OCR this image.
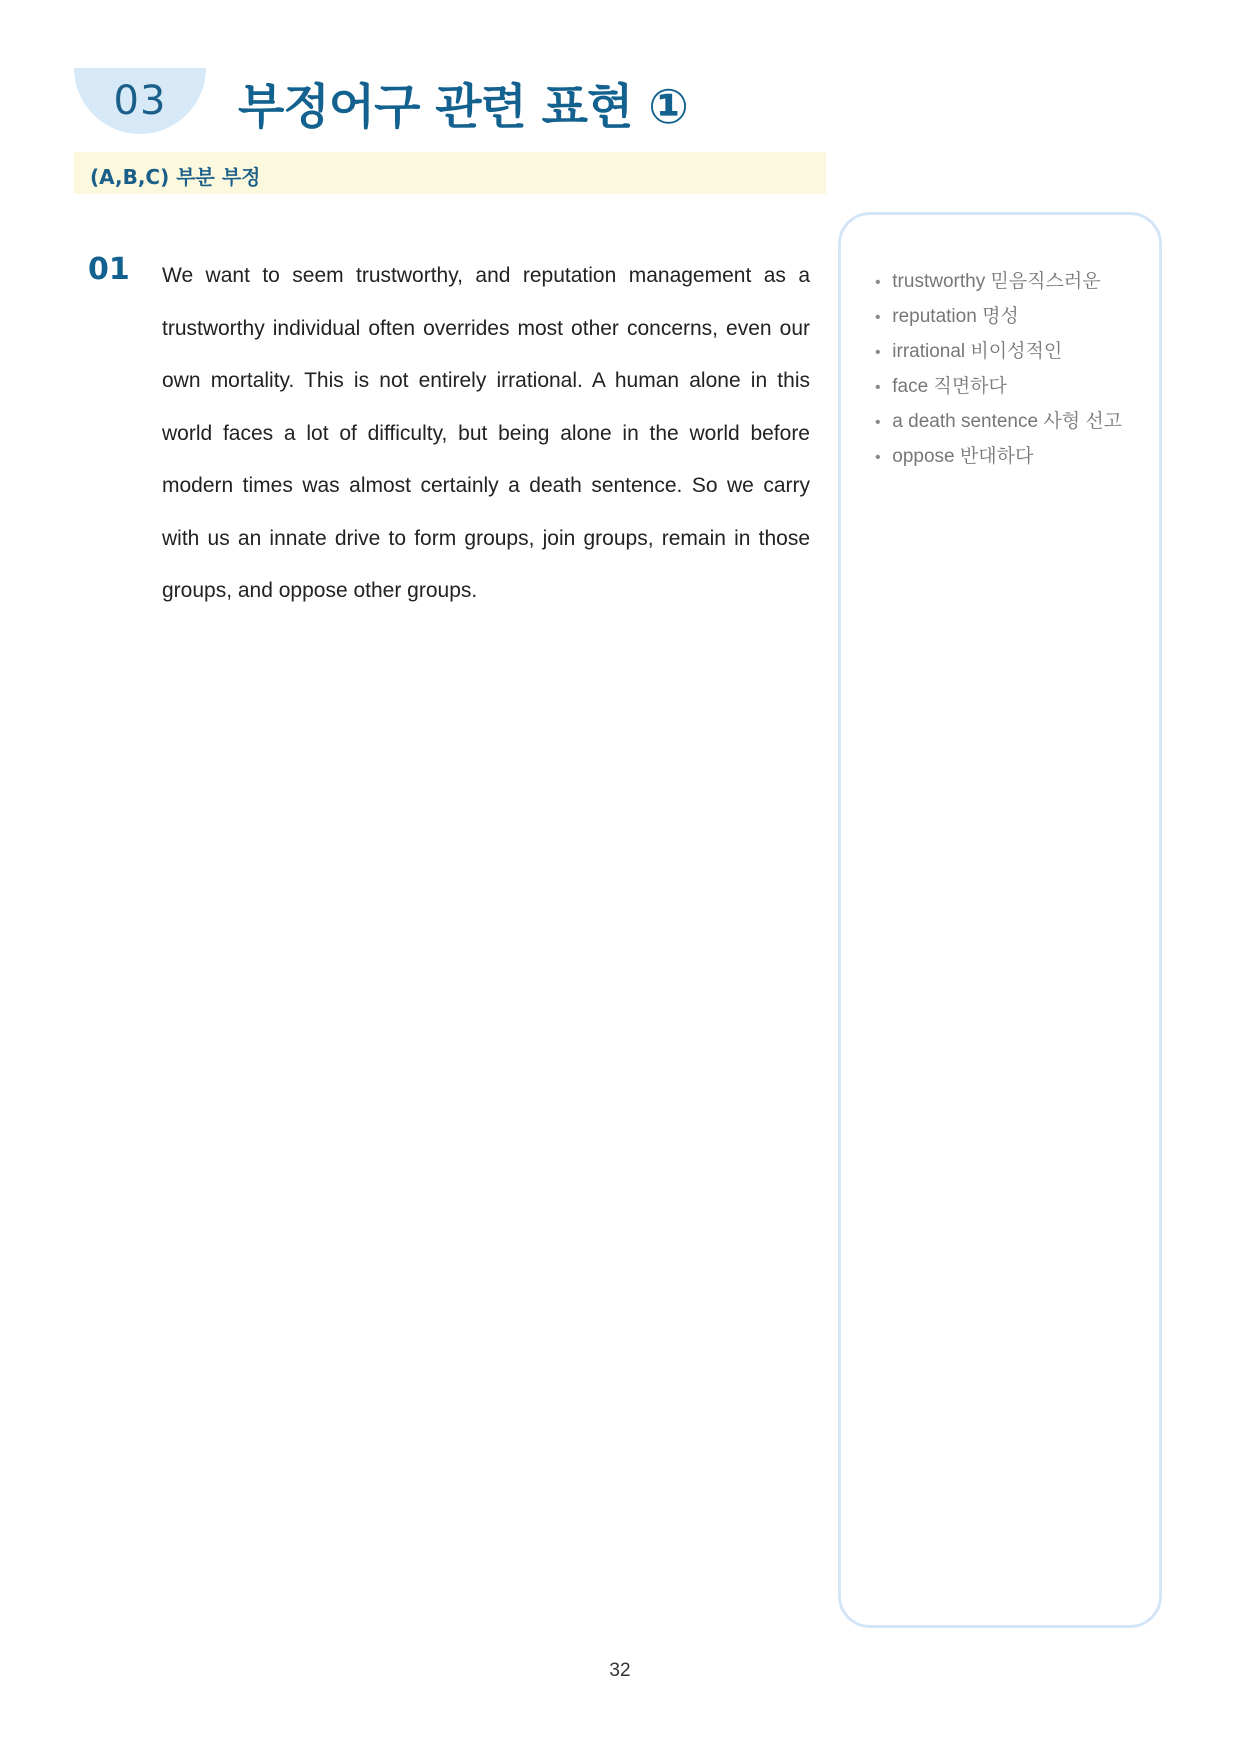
03	부정어구 관련 표현 ①
(A,B,C) 부분 부정
01 We want to seem trustworthy, and reputation management as a trustworthy individual often overrides most other concerns, even our own mortality. This is not entirely irrational. A human alone in this world faces a lot of difficulty, but being alone in the world before modern times was almost certainly a death sentence. So we carry with us an innate drive to form groups, join groups, remain in those groups, and oppose other groups.

• trustworthy 믿음직스러운
• reputation 명성
• irrational 비이성적인
• face 직면하다
• a death sentence 사형 선고
• oppose 반대하다
32
